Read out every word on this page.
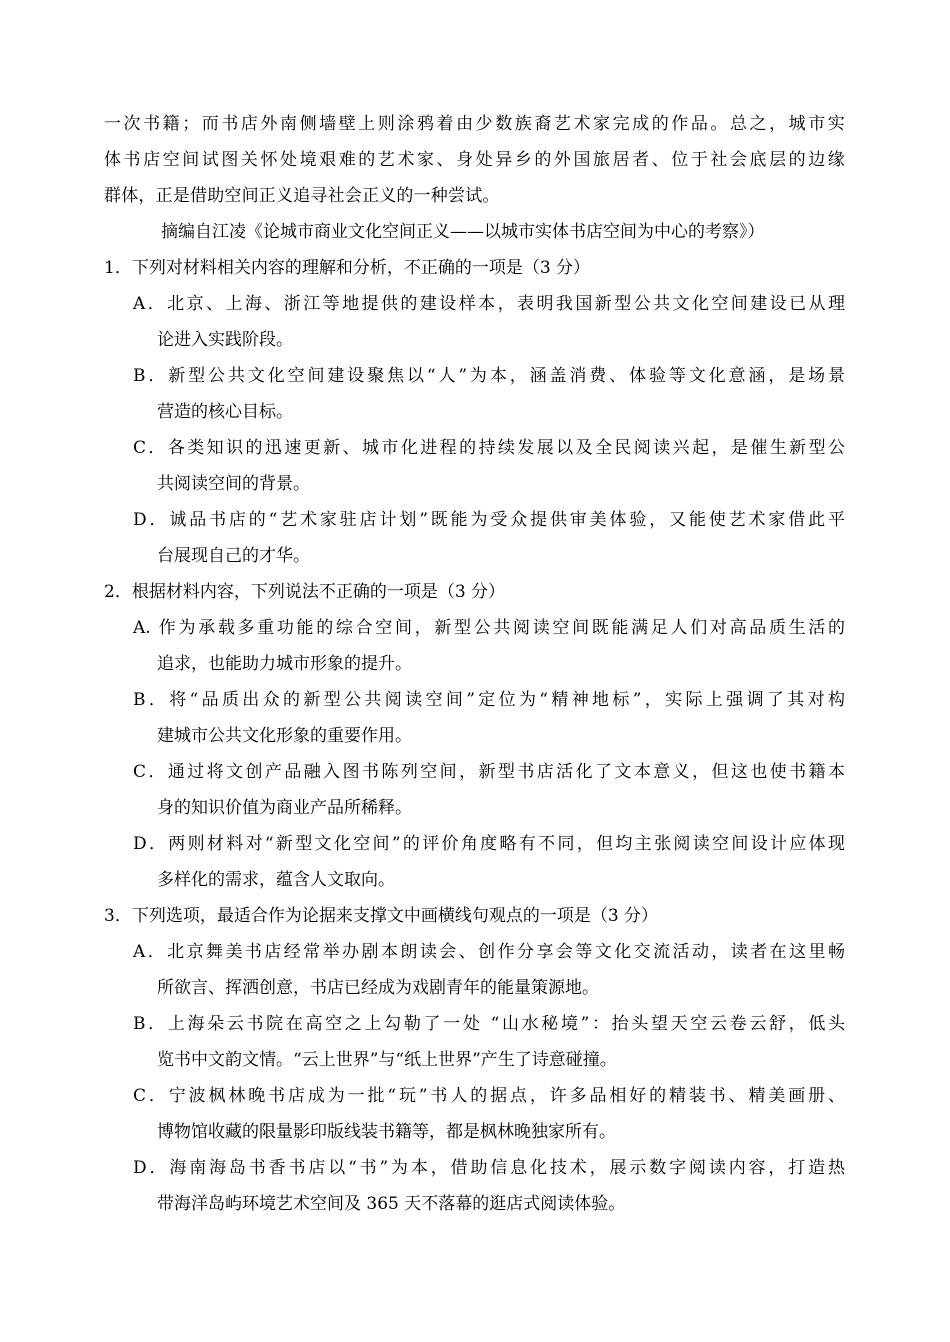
一次书籍；而书店外南侧墙壁上则涂鸦着由少数族裔艺术家完成的作品。总之，城市实
体书店空间试图关怀处境艰难的艺术家、身处异乡的外国旅居者、位于社会底层的边缘
群体，正是借助空间正义追寻社会正义的一种尝试。
摘编自江凌《论城市商业文化空间正义——以城市实体书店空间为中心的考察》）
1．下列对材料相关内容的理解和分析，不正确的一项是（3 分）
A．北京、上海、浙江等地提供的建设样本，表明我国新型公共文化空间建设已从理
论进入实践阶段。
B．新型公共文化空间建设聚焦以“人”为本，涵盖消费、体验等文化意涵，是场景
营造的核心目标。
C．各类知识的迅速更新、城市化进程的持续发展以及全民阅读兴起，是催生新型公
共阅读空间的背景。
D．诚品书店的“艺术家驻店计划”既能为受众提供审美体验，又能使艺术家借此平
台展现自己的才华。
2．根据材料内容，下列说法不正确的一项是（3 分）
A. 作为承载多重功能的综合空间，新型公共阅读空间既能满足人们对高品质生活的
追求，也能助力城市形象的提升。
B．将“品质出众的新型公共阅读空间”定位为“精神地标”，实际上强调了其对构
建城市公共文化形象的重要作用。
C．通过将文创产品融入图书陈列空间，新型书店活化了文本意义，但这也使书籍本
身的知识价值为商业产品所稀释。
D．两则材料对“新型文化空间”的评价角度略有不同，但均主张阅读空间设计应体现
多样化的需求，蕴含人文取向。
3．下列选项，最适合作为论据来支撑文中画横线句观点的一项是（3 分）
A．北京舞美书店经常举办剧本朗读会、创作分享会等文化交流活动，读者在这里畅
所欲言、挥洒创意，书店已经成为戏剧青年的能量策源地。
B．上海朵云书院在高空之上勾勒了一处 “山水秘境”：抬头望天空云卷云舒，低头
览书中文韵文情。“云上世界”与“纸上世界”产生了诗意碰撞。
C．宁波枫林晚书店成为一批“玩”书人的据点，许多品相好的精装书、精美画册、
博物馆收藏的限量影印版线装书籍等，都是枫林晚独家所有。
D．海南海岛书香书店以“书”为本，借助信息化技术，展示数字阅读内容，打造热
带海洋岛屿环境艺术空间及 365 天不落幕的逛店式阅读体验。
